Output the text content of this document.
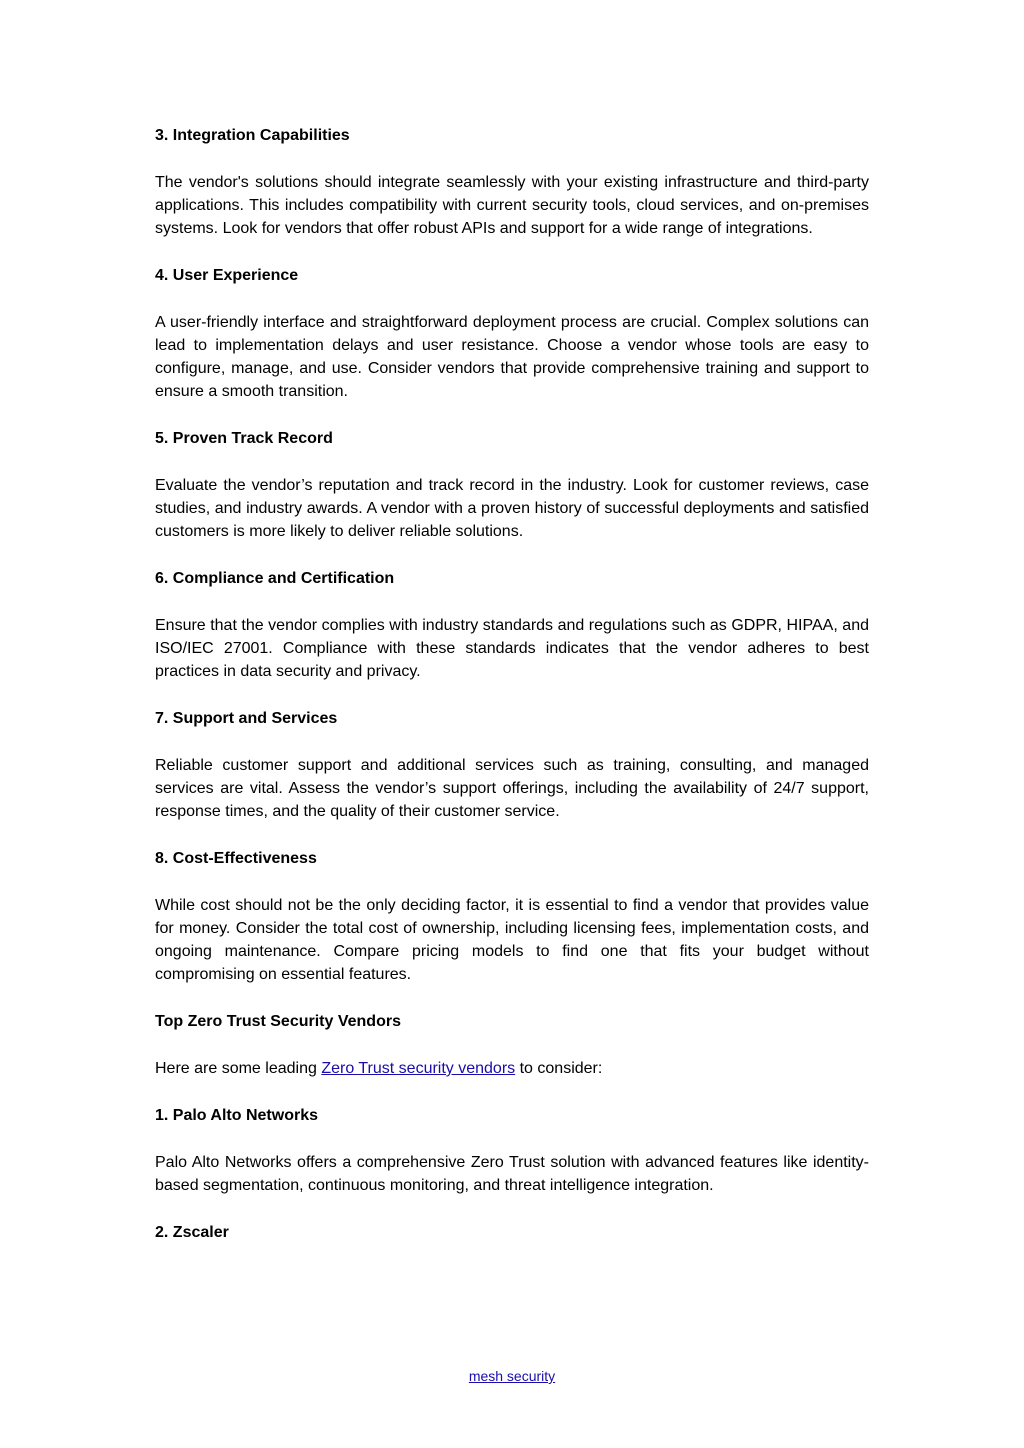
3. Integration Capabilities
The vendor's solutions should integrate seamlessly with your existing infrastructure and third-party applications. This includes compatibility with current security tools, cloud services, and on-premises systems. Look for vendors that offer robust APIs and support for a wide range of integrations.
4. User Experience
A user-friendly interface and straightforward deployment process are crucial. Complex solutions can lead to implementation delays and user resistance. Choose a vendor whose tools are easy to configure, manage, and use. Consider vendors that provide comprehensive training and support to ensure a smooth transition.
5. Proven Track Record
Evaluate the vendor’s reputation and track record in the industry. Look for customer reviews, case studies, and industry awards. A vendor with a proven history of successful deployments and satisfied customers is more likely to deliver reliable solutions.
6. Compliance and Certification
Ensure that the vendor complies with industry standards and regulations such as GDPR, HIPAA, and ISO/IEC 27001. Compliance with these standards indicates that the vendor adheres to best practices in data security and privacy.
7. Support and Services
Reliable customer support and additional services such as training, consulting, and managed services are vital. Assess the vendor’s support offerings, including the availability of 24/7 support, response times, and the quality of their customer service.
8. Cost-Effectiveness
While cost should not be the only deciding factor, it is essential to find a vendor that provides value for money. Consider the total cost of ownership, including licensing fees, implementation costs, and ongoing maintenance. Compare pricing models to find one that fits your budget without compromising on essential features.
Top Zero Trust Security Vendors
Here are some leading Zero Trust security vendors to consider:
1. Palo Alto Networks
Palo Alto Networks offers a comprehensive Zero Trust solution with advanced features like identity-based segmentation, continuous monitoring, and threat intelligence integration.
2. Zscaler
mesh security
